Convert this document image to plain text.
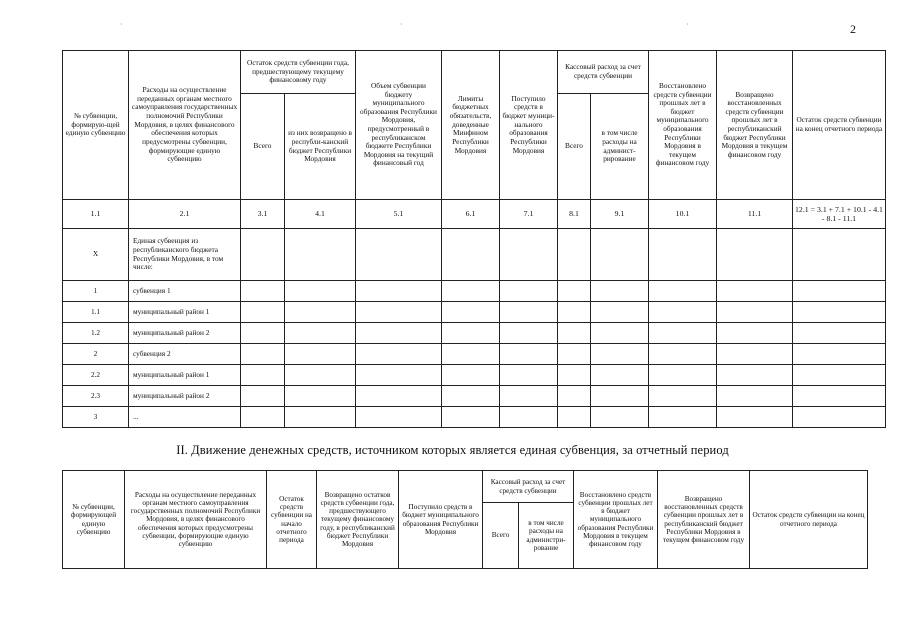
·	·	·	2
№ субвенции, формирую-щей единую субвенцию	Расходы на осуществление переданных органам местного самоуправления государственных полномочий Республики Мордовия, в целях финансового обеспечения которых предусмотрены субвенции, формирующие единую субвенцию	Остаток средств субвенции года, предшествующему текущему финансовому году		Объем субвенции бюджету муниципального образования Республики Мордовия, предусмотренный в республиканском бюджете Республики Мордовия на текущий финансовый год	Лимиты бюджетных обязательств, доведенные Минфином Республики Мордовия	Поступило средств в бюджет муници-нального образования Республики Мордовия	Кассовый расход за счет средств субвенции		Восстановлено средств субвенции прошлых лет в бюджет муниципального образования Республики Мордовия в текущем финансовом году	Возвращено восстановленных средств субвенции прошлых лет в республиканский бюджет Республики Мордовия в текущем финансовом году	Остаток средств субвенции на конец отчетного периода
		Всего	из них возвращено в республи-канский бюджет Республики Мордовия				Всего	в том числе расходы на админист-рирование			
1.1	2.1	3.1	4.1	5.1	6.1	7.1	8.1	9.1	10.1	11.1	12.1 = 3.1 + 7.1 + 10.1 - 4.1 - 8.1 - 11.1
X	Единая субвенция из республиканского бюджета Республики Мордовия, в том числе:										
1	субвенция 1										
1.1	муниципальный район 1										
1.2	муниципальный район 2										
2	субвенция 2										
2.2	муниципальный район 1										
2.3	муниципальный район 2										
3	...										
II. Движение денежных средств, источником которых является единая субвенция, за отчетный период
№ субвенции, формирующей единую субвенцию	Расходы на осуществление переданных органам местного самоуправления государственных полномочий Республики Мордовия, в целях финансового обеспечения которых предусмотрены субвенции, формирующие единую субвенцию	Остаток средств субвенции на начало отчетного периода	Возвращено остатков средств субвенции года, предшествующего текущему финансовому году, в республиканский бюджет Республики Мордовия	Поступило средств в бюджет муниципального образования Республики Мордовия	Кассовый расход за счет средств субвенции		Восстановлено средств субвенции прошлых лет в бюджет муниципального образования Республики Мордовия в текущем финансовом году	Возвращено восстановленных средств субвенции прошлых лет в республиканский бюджет Республики Мордовия в текущем финансовом году	Остаток средств субвенции на конец отчетного периода
					Всего	в том числе расходы на администри-рование			
